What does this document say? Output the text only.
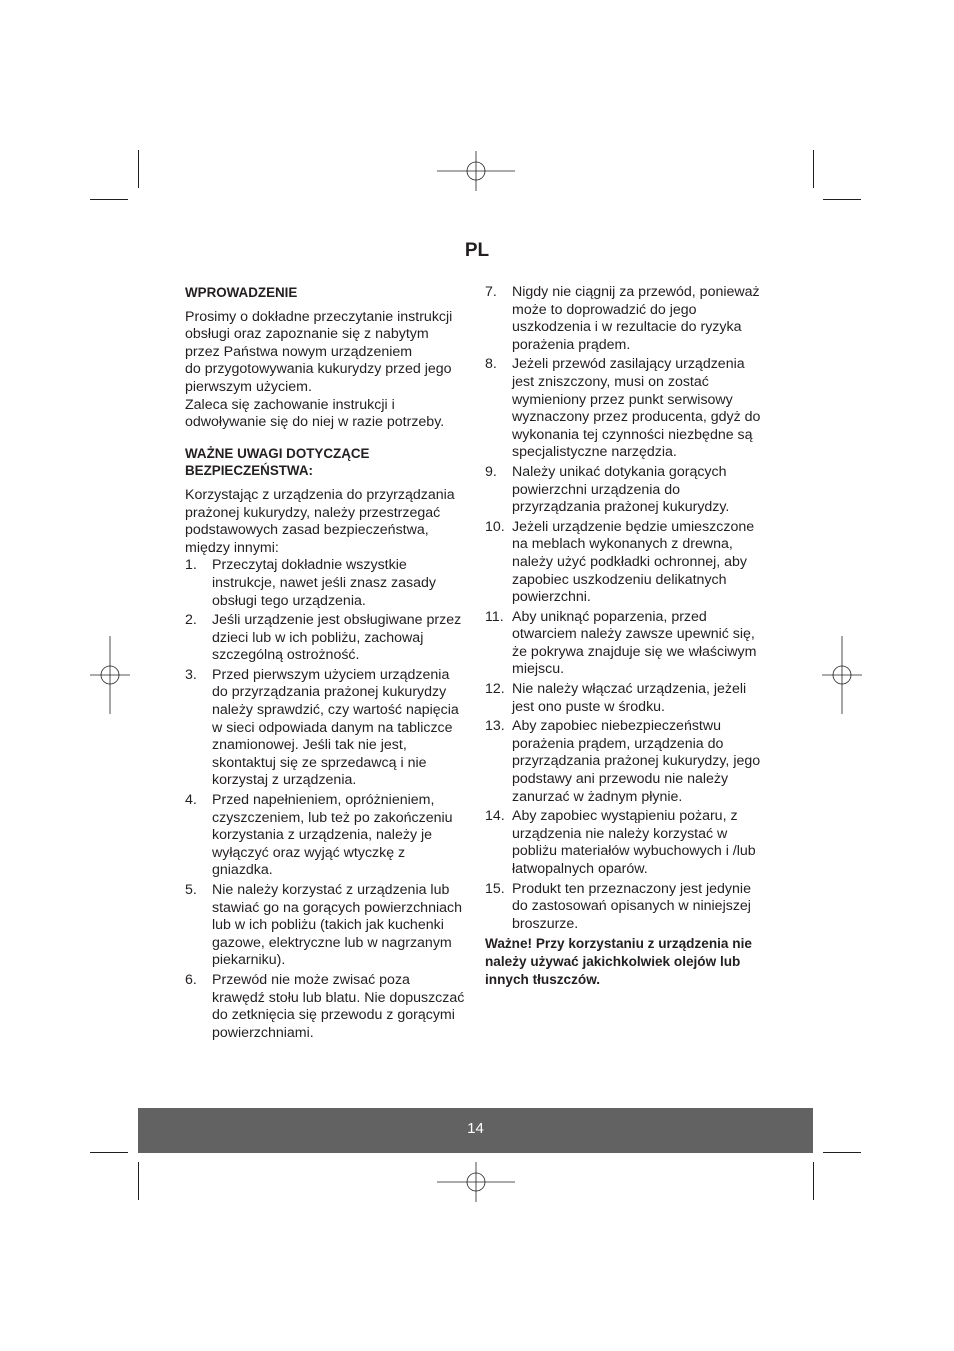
PL

WPROWADZENIE

Prosimy o dokładne przeczytanie instrukcji
obsługi oraz zapoznanie się z nabytym
przez Państwa nowym urządzeniem
do przygotowywania kukurydzy przed jego
pierwszym użyciem.
Zaleca się zachowanie instrukcji i
odwoływanie się do niej w razie potrzeby.
WAŻNE UWAGI DOTYCZĄCE
BEZPIECZEŃSTWA:
Korzystając z urządzenia do przyrządzania
prażonej kukurydzy, należy przestrzegać
podstawowych zasad bezpieczeństwa,
między innymi:
1.	Przeczytaj dokładnie wszystkie
instrukcje, nawet jeśli znasz zasady
obsługi tego urządzenia.
2.	Jeśli urządzenie jest obsługiwane przez
dzieci lub w ich pobliżu, zachowaj
szczególną ostrożność.
3.	Przed pierwszym użyciem urządzenia
do przyrządzania prażonej kukurydzy
należy sprawdzić, czy wartość napięcia
w sieci odpowiada danym na tabliczce
znamionowej. Jeśli tak nie jest,
skontaktuj się ze sprzedawcą i nie
korzystaj z urządzenia.
4.	Przed napełnieniem, opróżnieniem,
czyszczeniem, lub też po zakończeniu
korzystania z urządzenia, należy je
wyłączyć oraz wyjąć wtyczkę z
gniazdka.
5.	Nie należy korzystać z urządzenia lub
stawiać go na gorących powierzchniach
lub w ich pobliżu (takich jak kuchenki
gazowe, elektryczne lub w nagrzanym
piekarniku).
6.	Przewód nie może zwisać poza
krawędź stołu lub blatu. Nie dopuszczać
do zetknięcia się przewodu z gorącymi
powierzchniami.
7.	Nigdy nie ciągnij za przewód, ponieważ
może to doprowadzić do jego
uszkodzenia i w rezultacie do ryzyka
porażenia prądem.
8.	Jeżeli przewód zasilający urządzenia
jest zniszczony, musi on zostać
wymieniony przez punkt serwisowy
wyznaczony przez producenta, gdyż do
wykonania tej czynności niezbędne są
specjalistyczne narzędzia.
9.	Należy unikać dotykania gorących
powierzchni urządzenia do
przyrządzania prażonej kukurydzy.
10. Jeżeli urządzenie będzie umieszczone
na meblach wykonanych z drewna,
należy użyć podkładki ochronnej, aby
zapobiec uszkodzeniu delikatnych
powierzchni.
11. Aby uniknąć poparzenia, przed
otwarciem należy zawsze upewnić się,
że pokrywa znajduje się we właściwym
miejscu.
12. Nie należy włączać urządzenia, jeżeli
jest ono puste w środku.
13. Aby zapobiec niebezpieczeństwu
porażenia prądem, urządzenia do
przyrządzania prażonej kukurydzy, jego
podstawy ani przewodu nie należy
zanurzać w żadnym płynie.
14. Aby zapobiec wystąpieniu pożaru, z
urządzenia nie należy korzystać w
pobliżu materiałów wybuchowych i /lub
łatwopalnych oparów.
15. Produkt ten przeznaczony jest jedynie
do zastosowań opisanych w niniejszej
broszurze.
Ważne! Przy korzystaniu z urządzenia nie
należy używać jakichkolwiek olejów lub
innych tłuszczów.
14
